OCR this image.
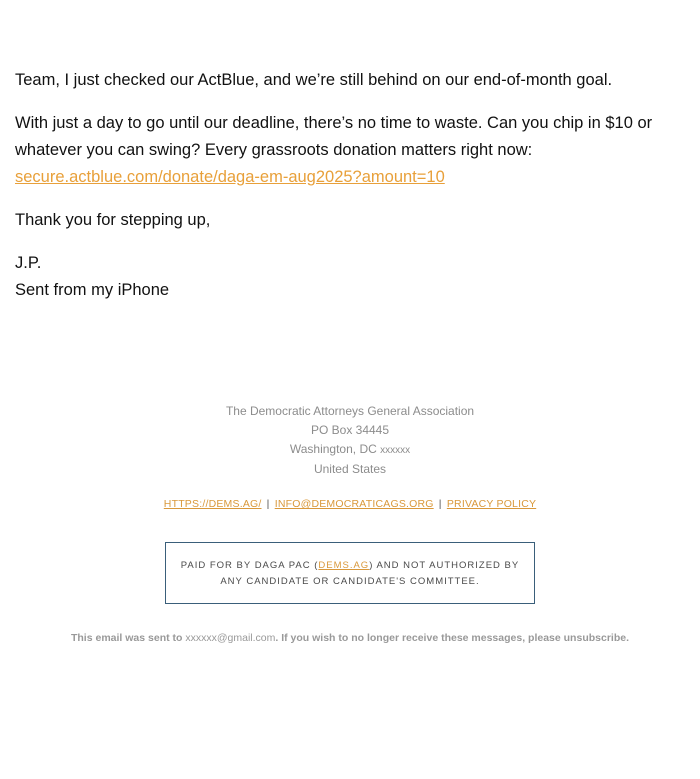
Team, I just checked our ActBlue, and we’re still behind on our end-of-month goal.

With just a day to go until our deadline, there’s no time to waste. Can you chip in $10 or whatever you can swing? Every grassroots donation matters right now:
secure.actblue.com/donate/daga-em-aug2025?amount=10

Thank you for stepping up,

J.P.
Sent from my iPhone

The Democratic Attorneys General Association
PO Box 34445
Washington, DC xxxxxx
United States
HTTPS://DEMS.AG/ | INFO@DEMOCRATICAGS.ORG | PRIVACY POLICY
PAID FOR BY DAGA PAC (DEMS.AG) AND NOT AUTHORIZED BY ANY CANDIDATE OR CANDIDATE'S COMMITTEE.
This email was sent to xxxxxx@gmail.com. If you wish to no longer receive these messages, please unsubscribe.
